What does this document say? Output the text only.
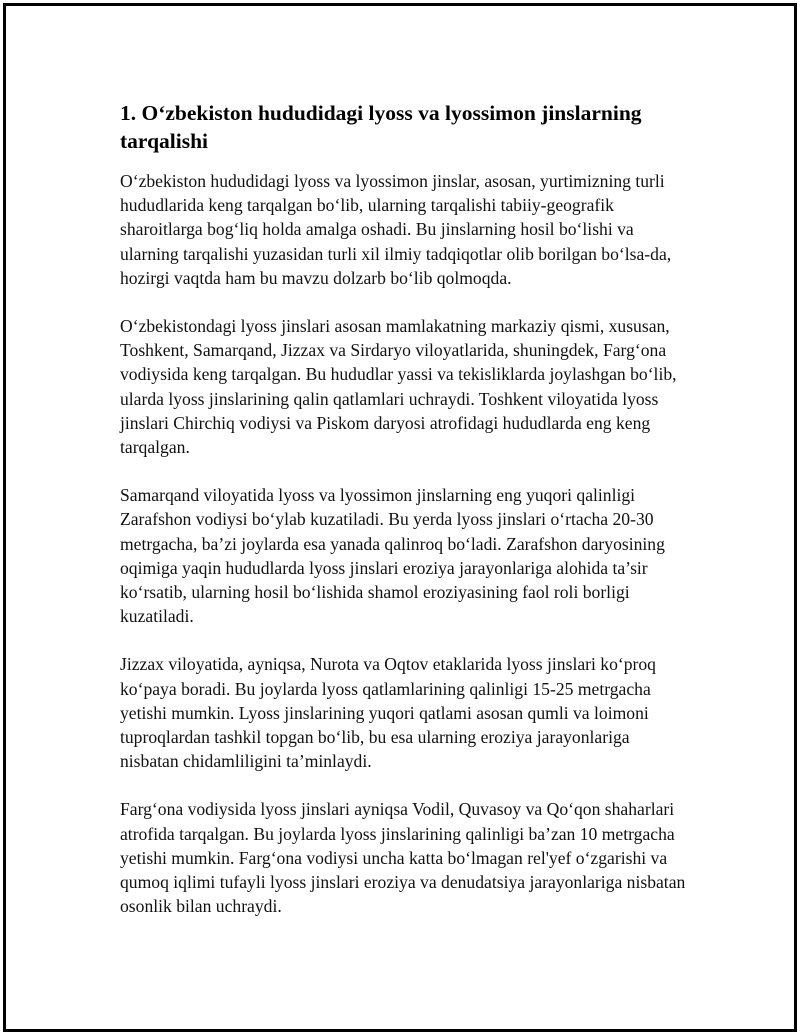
1. O‘zbekiston hududidagi lyoss va lyossimon jinslarning tarqalishi

O‘zbekiston hududidagi lyoss va lyossimon jinslar, asosan, yurtimizning turli hududlarida keng tarqalgan bo‘lib, ularning tarqalishi tabiiy-geografik sharoitlarga bog‘liq holda amalga oshadi. Bu jinslarning hosil bo‘lishi va ularning tarqalishi yuzasidan turli xil ilmiy tadqiqotlar olib borilgan bo‘lsa-da, hozirgi vaqtda ham bu mavzu dolzarb bo‘lib qolmoqda.

O‘zbekistondagi lyoss jinslari asosan mamlakatning markaziy qismi, xususan, Toshkent, Samarqand, Jizzax va Sirdaryo viloyatlarida, shuningdek, Farg‘ona vodiysida keng tarqalgan. Bu hududlar yassi va tekisliklarda joylashgan bo‘lib, ularda lyoss jinslarining qalin qatlamlari uchraydi. Toshkent viloyatida lyoss jinslari Chirchiq vodiysi va Piskom daryosi atrofidagi hududlarda eng keng tarqalgan.

Samarqand viloyatida lyoss va lyossimon jinslarning eng yuqori qalinligi Zarafshon vodiysi bo‘ylab kuzatiladi. Bu yerda lyoss jinslari o‘rtacha 20-30 metrgacha, ba’zi joylarda esa yanada qalinroq bo‘ladi. Zarafshon daryosining oqimiga yaqin hududlarda lyoss jinslari eroziya jarayonlariga alohida ta’sir ko‘rsatib, ularning hosil bo‘lishida shamol eroziyasining faol roli borligi kuzatiladi.

Jizzax viloyatida, ayniqsa, Nurota va Oqtov etaklarida lyoss jinslari ko‘proq ko‘paya boradi. Bu joylarda lyoss qatlamlarining qalinligi 15-25 metrgacha yetishi mumkin. Lyoss jinslarining yuqori qatlami asosan qumli va loimoni tuproqlardan tashkil topgan bo‘lib, bu esa ularning eroziya jarayonlariga nisbatan chidamliligini ta’minlaydi.

Farg‘ona vodiysida lyoss jinslari ayniqsa Vodil, Quvasoy va Qo‘qon shaharlari atrofida tarqalgan. Bu joylarda lyoss jinslarining qalinligi ba’zan 10 metrgacha yetishi mumkin. Farg‘ona vodiysi uncha katta bo‘lmagan rel'yef o‘zgarishi va qumoq iqlimi tufayli lyoss jinslari eroziya va denudatsiya jarayonlariga nisbatan osonlik bilan uchraydi.
